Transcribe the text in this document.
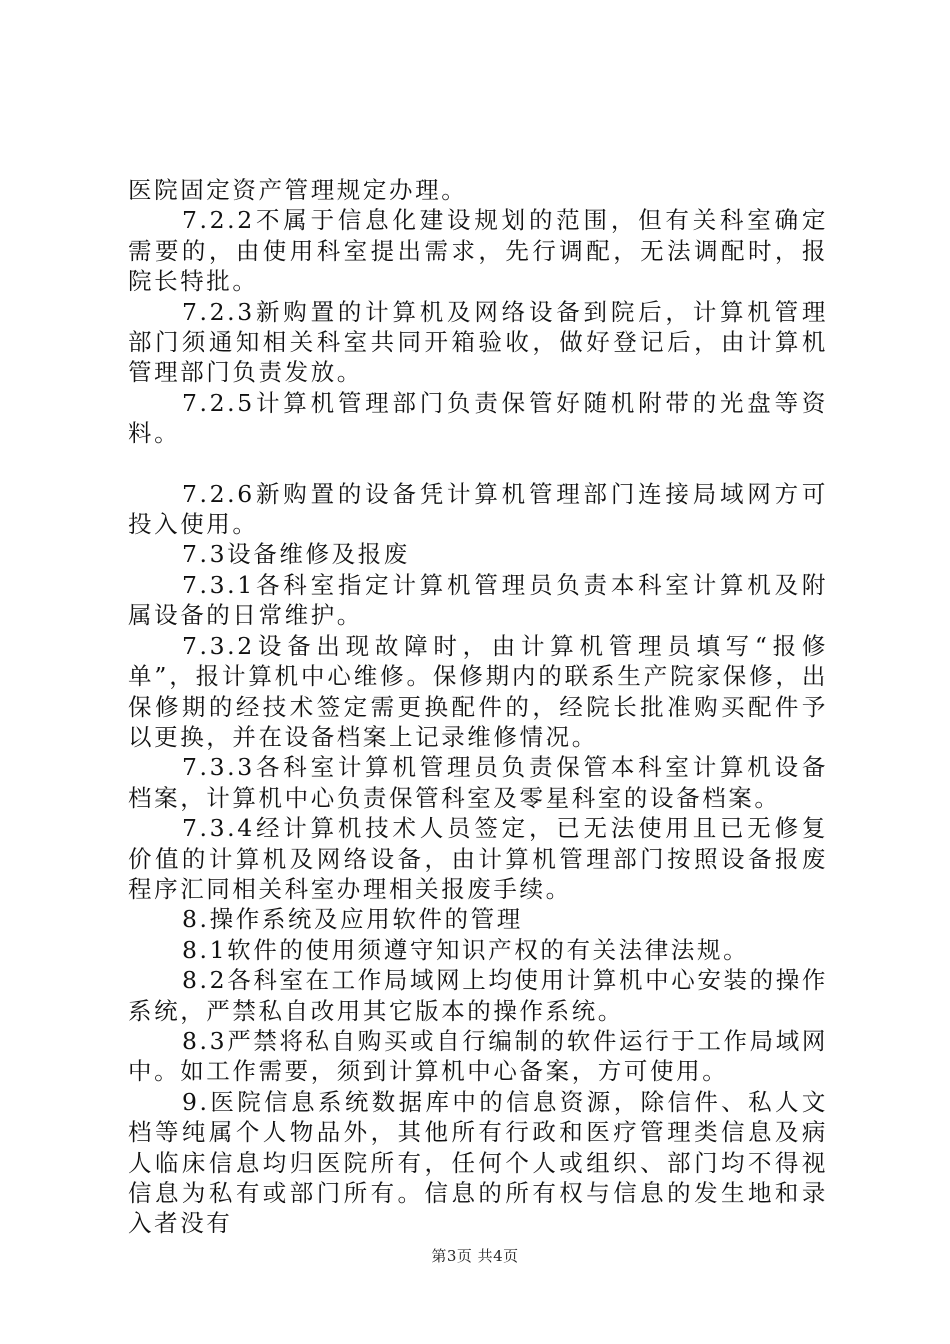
医院固定资产管理规定办理。

7.2.2不属于信息化建设规划的范围，但有关科室确定需要的，由使用科室提出需求，先行调配，无法调配时，报院长特批。

7.2.3新购置的计算机及网络设备到院后，计算机管理部门须通知相关科室共同开箱验收，做好登记后，由计算机管理部门负责发放。

7.2.5计算机管理部门负责保管好随机附带的光盘等资料。

7.2.6新购置的设备凭计算机管理部门连接局域网方可投入使用。

7.3设备维修及报废

7.3.1各科室指定计算机管理员负责本科室计算机及附属设备的日常维护。

7.3.2设备出现故障时，由计算机管理员填写“报修单”，报计算机中心维修。保修期内的联系生产院家保修，出保修期的经技术签定需更换配件的，经院长批准购买配件予以更换，并在设备档案上记录维修情况。

7.3.3各科室计算机管理员负责保管本科室计算机设备档案，计算机中心负责保管科室及零星科室的设备档案。

7.3.4经计算机技术人员签定，已无法使用且已无修复价值的计算机及网络设备，由计算机管理部门按照设备报废程序汇同相关科室办理相关报废手续。

8.操作系统及应用软件的管理

8.1软件的使用须遵守知识产权的有关法律法规。

8.2各科室在工作局域网上均使用计算机中心安装的操作系统，严禁私自改用其它版本的操作系统。

8.3严禁将私自购买或自行编制的软件运行于工作局域网中。如工作需要，须到计算机中心备案，方可使用。

9.医院信息系统数据库中的信息资源，除信件、私人文档等纯属个人物品外，其他所有行政和医疗管理类信息及病人临床信息均归医院所有，任何个人或组织、部门均不得视信息为私有或部门所有。信息的所有权与信息的发生地和录入者没有

第3页 共4页
